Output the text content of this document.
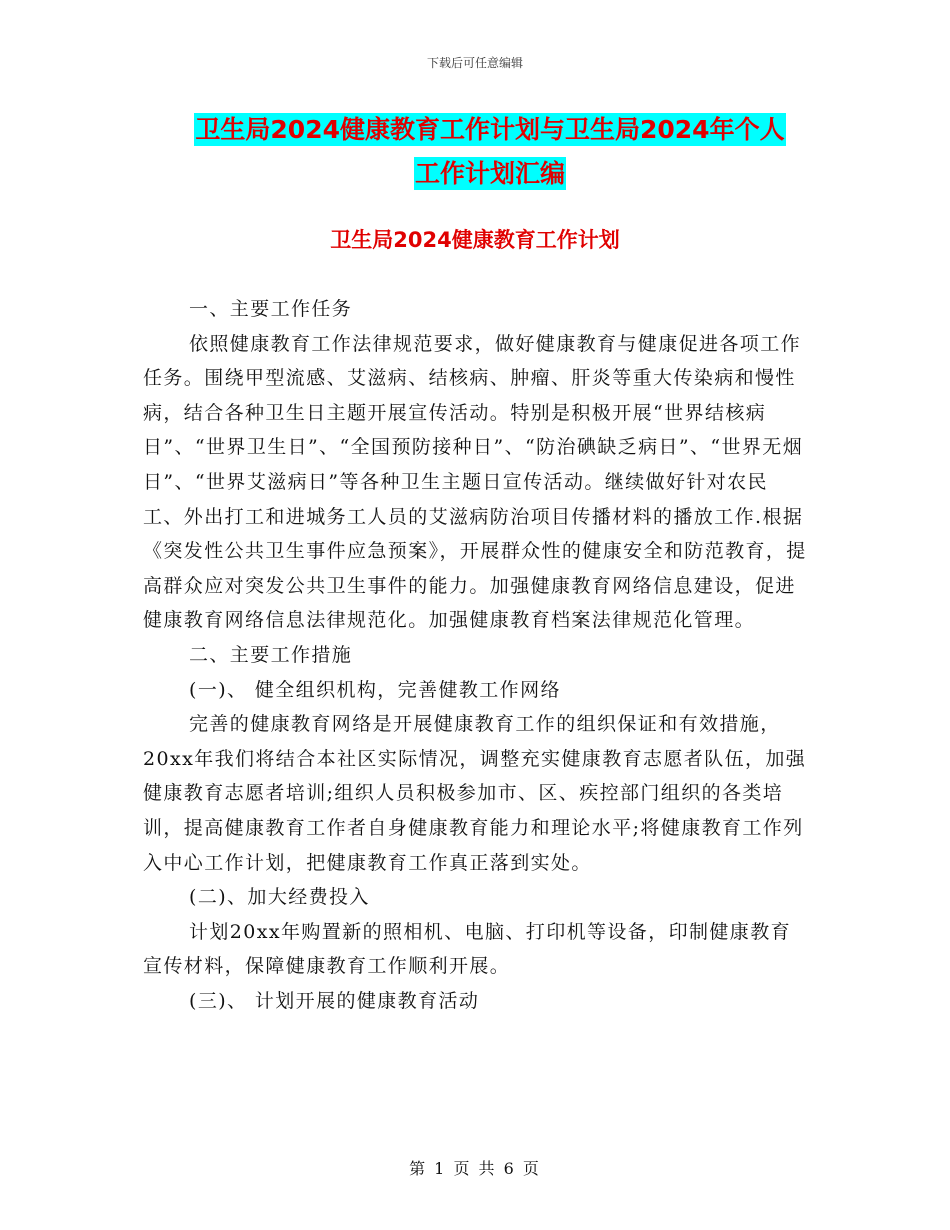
下载后可任意编辑
卫生局2024健康教育工作计划与卫生局2024年个人
工作计划汇编
卫生局2024健康教育工作计划

一、主要工作任务

依照健康教育工作法律规范要求，做好健康教育与健康促进各项工作任务。围绕甲型流感、艾滋病、结核病、肿瘤、肝炎等重大传染病和慢性病，结合各种卫生日主题开展宣传活动。特别是积极开展“世界结核病日”、“世界卫生日”、“全国预防接种日”、“防治碘缺乏病日”、“世界无烟日”、“世界艾滋病日”等各种卫生主题日宣传活动。继续做好针对农民工、外出打工和进城务工人员的艾滋病防治项目传播材料的播放工作.根据《突发性公共卫生事件应急预案》，开展群众性的健康安全和防范教育，提高群众应对突发公共卫生事件的能力。加强健康教育网络信息建设，促进健康教育网络信息法律规范化。加强健康教育档案法律规范化管理。

二、主要工作措施

(一)、 健全组织机构，完善健教工作网络

完善的健康教育网络是开展健康教育工作的组织保证和有效措施，20xx年我们将结合本社区实际情况，调整充实健康教育志愿者队伍，加强健康教育志愿者培训;组织人员积极参加市、区、疾控部门组织的各类培训，提高健康教育工作者自身健康教育能力和理论水平;将健康教育工作列入中心工作计划，把健康教育工作真正落到实处。

(二)、加大经费投入

计划20xx年购置新的照相机、电脑、打印机等设备，印制健康教育宣传材料，保障健康教育工作顺利开展。

(三)、 计划开展的健康教育活动

第 1 页 共 6 页
